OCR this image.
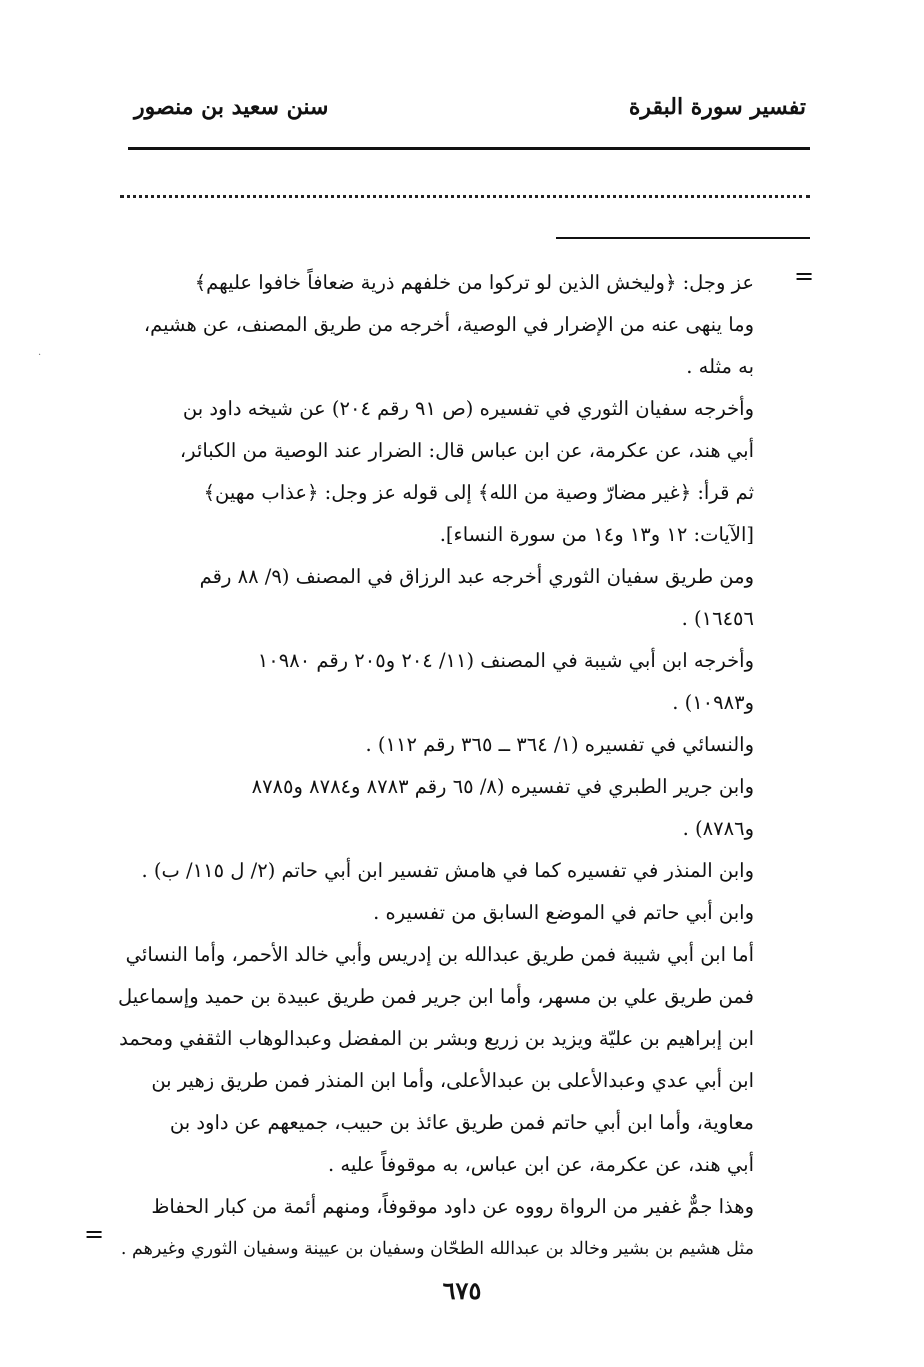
تفسير سورة البقرة
سنن سعيد بن منصور
=
=
·
عز وجل: ﴿وليخش الذين لو تركوا من خلفهم ذرية ضعافاً خافوا عليهم﴾
وما ينهى عنه من الإضرار في الوصية، أخرجه من طريق المصنف، عن هشيم،
به مثله .
وأخرجه سفيان الثوري في تفسيره (ص ٩١ رقم ٢٠٤) عن شيخه داود بن
أبي هند، عن عكرمة، عن ابن عباس قال: الضرار عند الوصية من الكبائر،
ثم قرأ: ﴿غير مضارّ وصية من الله﴾ إلى قوله عز وجل: ﴿عذاب مهين﴾
[الآيات: ١٢ و١٣ و١٤ من سورة النساء].
ومن طريق سفيان الثوري أخرجه عبد الرزاق في المصنف (٩/ ٨٨ رقم
١٦٤٥٦) .
وأخرجه ابن أبي شيبة في المصنف (١١/ ٢٠٤ و٢٠٥ رقم ١٠٩٨٠
و١٠٩٨٣) .
والنسائي في تفسيره (١/ ٣٦٤ ــ ٣٦٥ رقم ١١٢) .
وابن جرير الطبري في تفسيره (٨/ ٦٥ رقم ٨٧٨٣ و٨٧٨٤ و٨٧٨٥
و٨٧٨٦) .
وابن المنذر في تفسيره كما في هامش تفسير ابن أبي حاتم (٢/ ل ١١٥/ ب) .
وابن أبي حاتم في الموضع السابق من تفسيره .
أما ابن أبي شيبة فمن طريق عبدالله بن إدريس وأبي خالد الأحمر، وأما النسائي
فمن طريق علي بن مسهر، وأما ابن جرير فمن طريق عبيدة بن حميد وإسماعيل
ابن إبراهيم بن عليّة ويزيد بن زريع وبشر بن المفضل وعبدالوهاب الثقفي ومحمد
ابن أبي عدي وعبدالأعلى بن عبدالأعلى، وأما ابن المنذر فمن طريق زهير بن
معاوية، وأما ابن أبي حاتم فمن طريق عائذ بن حبيب، جميعهم عن داود بن
أبي هند، عن عكرمة، عن ابن عباس، به موقوفاً عليه .
وهذا جمٌّ غفير من الرواة رووه عن داود موقوفاً، ومنهم أئمة من كبار الحفاظ
مثل هشيم بن بشير وخالد بن عبدالله الطحّان وسفيان بن عيينة وسفيان الثوري وغيرهم .
٦٧٥
